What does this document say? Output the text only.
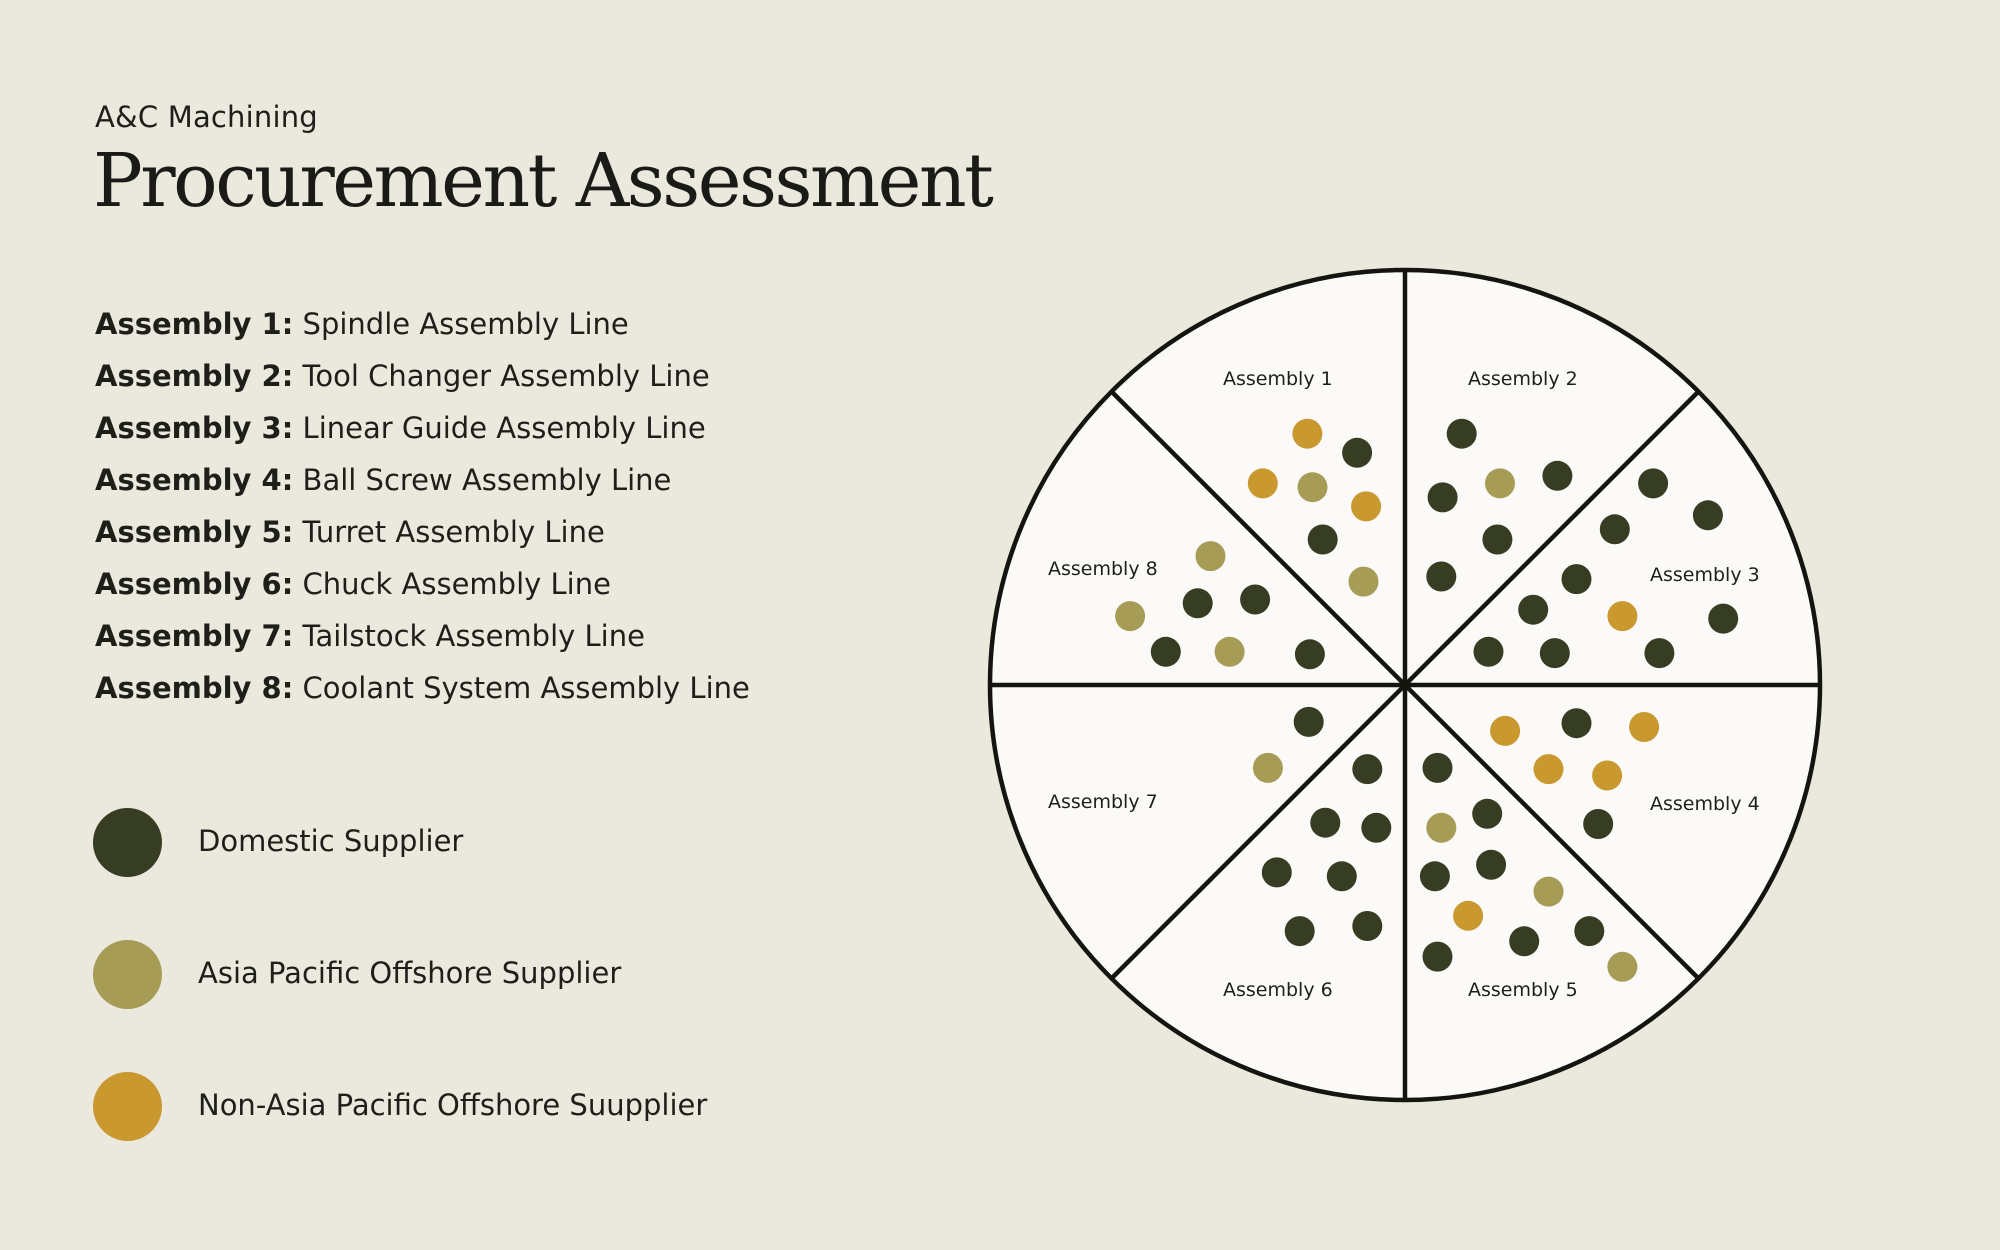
A&C Machining
Procurement Assessment
Assembly 1: Spindle Assembly Line
Assembly 2: Tool Changer Assembly Line
Assembly 3: Linear Guide Assembly Line
Assembly 4: Ball Screw Assembly Line
Assembly 5: Turret Assembly Line
Assembly 6: Chuck Assembly Line
Assembly 7: Tailstock Assembly Line
Assembly 8: Coolant System Assembly Line
Domestic Supplier
Asia Pacific Offshore Supplier
Non-Asia Pacific Offshore Suupplier
Assembly 1	Assembly 2
Assembly 3
Assembly 4
Assembly 5
Assembly 6
Assembly 7
Assembly 8
